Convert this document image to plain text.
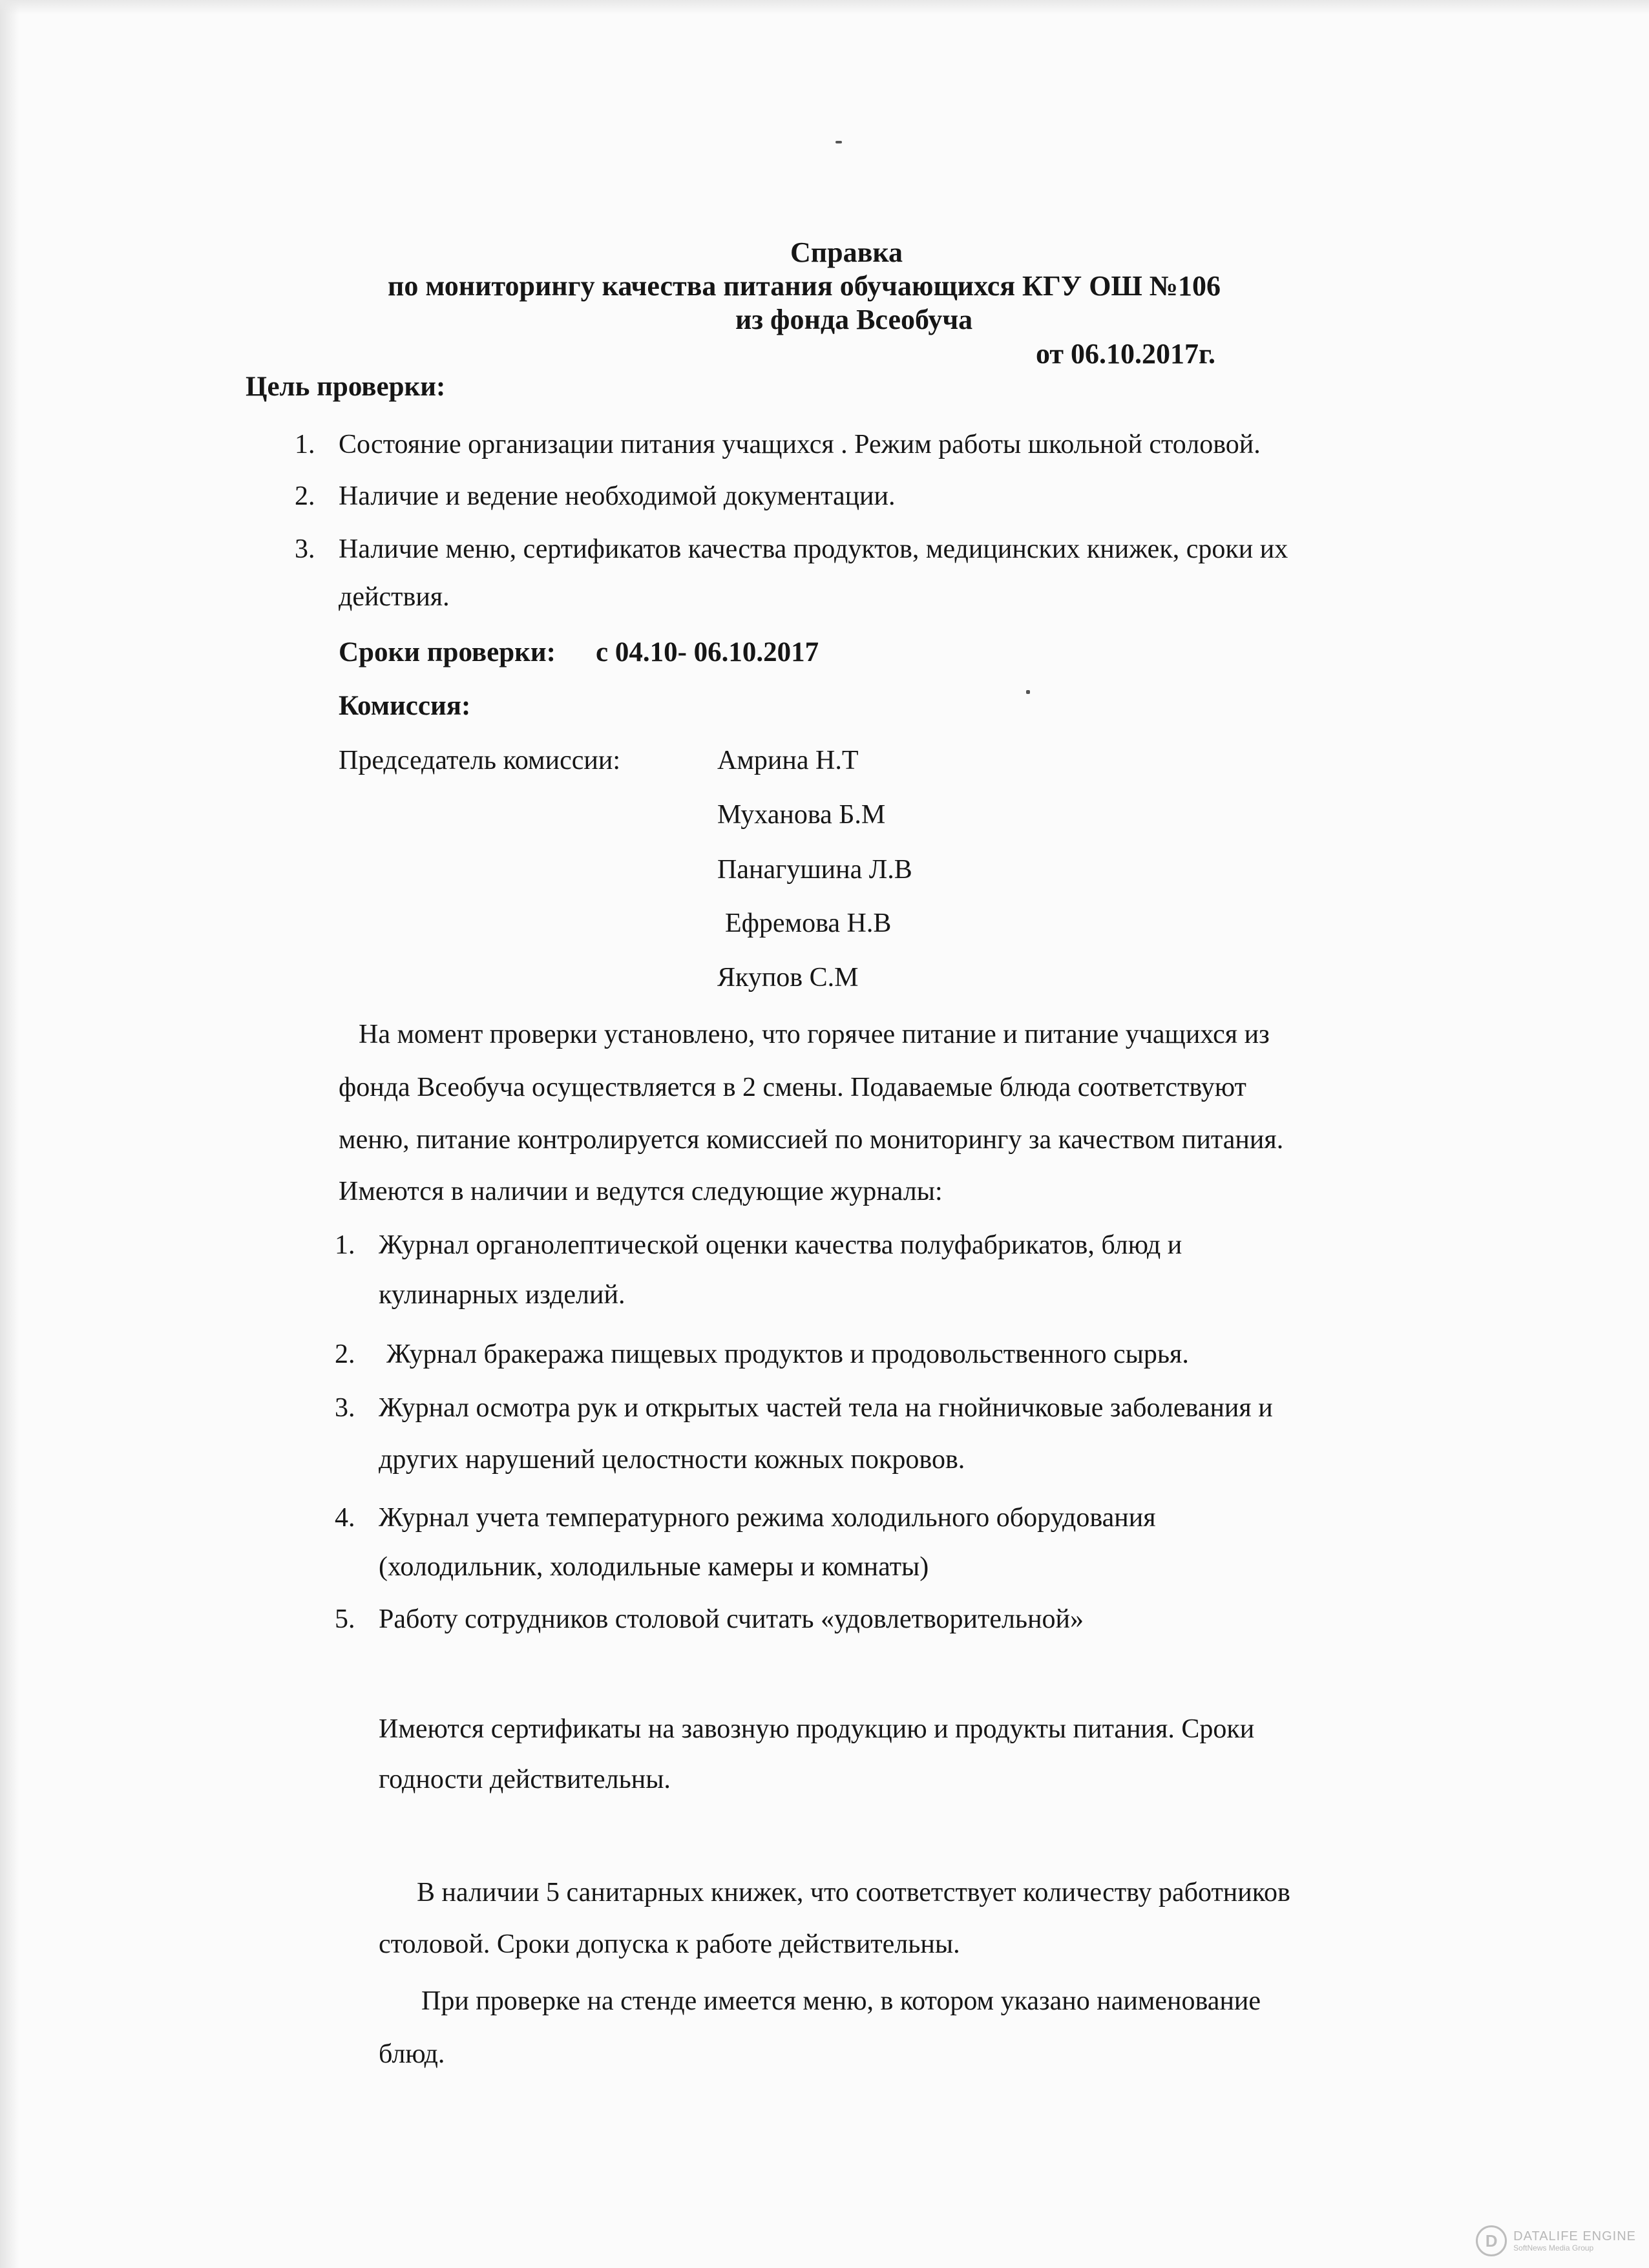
Справка
по мониторингу качества питания обучающихся КГУ ОШ №106
из фонда Всеобуча
от 06.10.2017г.
Цель проверки:
1. Состояние организации питания учащихся . Режим работы школьной столовой.
2. Наличие и ведение необходимой документации.
3. Наличие меню, сертификатов качества продуктов, медицинских книжек, сроки их
действия.
Сроки проверки: с 04.10- 06.10.2017
Комиссия:
Председатель комиссии:	Амрина Н.Т
Муханова Б.М
Панагушина Л.В
Ефремова Н.В
Якупов С.М
На момент проверки установлено, что горячее питание и питание учащихся из
фонда Всеобуча осуществляется в 2 смены. Подаваемые блюда соответствуют
меню, питание контролируется комиссией по мониторингу за качеством питания.
Имеются в наличии и ведутся следующие журналы:
1. Журнал органолептической оценки качества полуфабрикатов, блюд и
кулинарных изделий.
2. Журнал бракеража пищевых продуктов и продовольственного сырья.
3. Журнал осмотра рук и открытых частей тела на гнойничковые заболевания и
других нарушений целостности кожных покровов.
4. Журнал учета температурного режима холодильного оборудования
(холодильник, холодильные камеры и комнаты)
5. Работу сотрудников столовой считать «удовлетворительной»
Имеются сертификаты на завозную продукцию и продукты питания. Сроки
годности действительны.
В наличии 5 санитарных книжек, что соответствует количеству работников
столовой. Сроки допуска к работе действительны.
При проверке на стенде имеется меню, в котором указано наименование
блюд.
D	DATALIFE ENGINE
SoftNews Media Group
